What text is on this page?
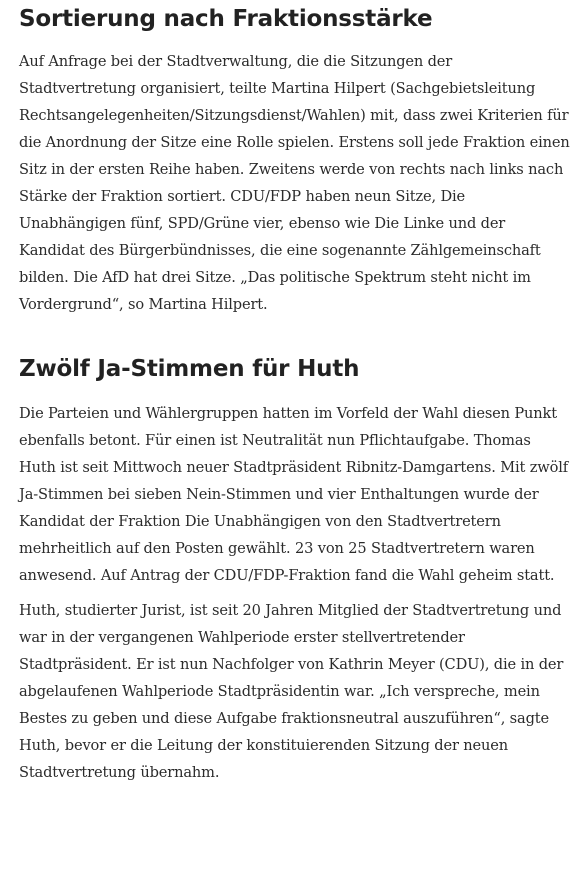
Sortierung nach Fraktionsstärke

Auf Anfrage bei der Stadtverwaltung, die die Sitzungen der Stadtvertretung organisiert, teilte Martina Hilpert (Sachgebietsleitung Rechtsangelegenheiten/Sitzungsdienst/Wahlen) mit, dass zwei Kriterien für die Anordnung der Sitze eine Rolle spielen. Erstens soll jede Fraktion einen Sitz in der ersten Reihe haben. Zweitens werde von rechts nach links nach Stärke der Fraktion sortiert. CDU/FDP haben neun Sitze, Die Unabhängigen fünf, SPD/Grüne vier, ebenso wie Die Linke und der Kandidat des Bürgerbündnisses, die eine sogenannte Zählgemeinschaft bilden. Die AfD hat drei Sitze. „Das politische Spektrum steht nicht im Vordergrund“, so Martina Hilpert.

Zwölf Ja-Stimmen für Huth

Die Parteien und Wählergruppen hatten im Vorfeld der Wahl diesen Punkt ebenfalls betont. Für einen ist Neutralität nun Pflichtaufgabe. Thomas Huth ist seit Mittwoch neuer Stadtpräsident Ribnitz-Damgartens. Mit zwölf Ja-Stimmen bei sieben Nein-Stimmen und vier Enthaltungen wurde der Kandidat der Fraktion Die Unabhängigen von den Stadtvertretern mehrheitlich auf den Posten gewählt. 23 von 25 Stadtvertretern waren anwesend. Auf Antrag der CDU/FDP-Fraktion fand die Wahl geheim statt.

Huth, studierter Jurist, ist seit 20 Jahren Mitglied der Stadtvertretung und war in der vergangenen Wahlperiode erster stellvertretender Stadtpräsident. Er ist nun Nachfolger von Kathrin Meyer (CDU), die in der abgelaufenen Wahlperiode Stadtpräsidentin war. „Ich verspreche, mein Bestes zu geben und diese Aufgabe fraktionsneutral auszuführen“, sagte Huth, bevor er die Leitung der konstituierenden Sitzung der neuen Stadtvertretung übernahm.
